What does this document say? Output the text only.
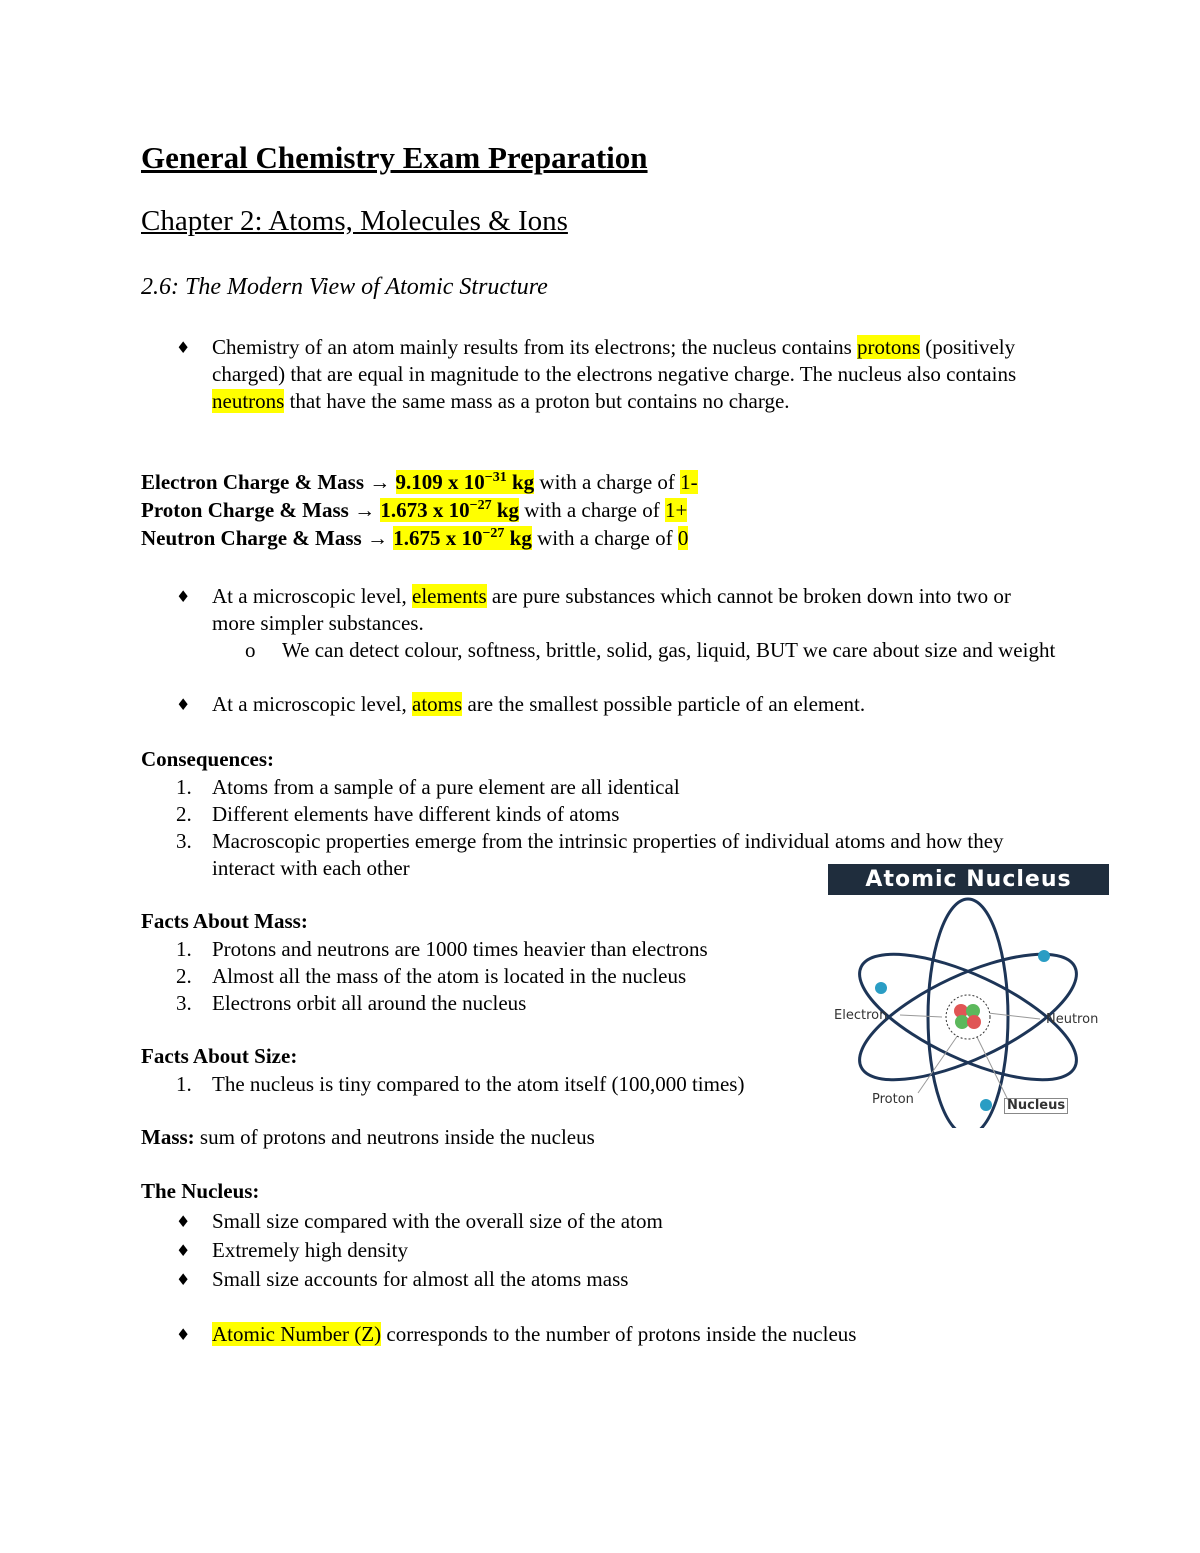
General Chemistry Exam Preparation
Chapter 2: Atoms, Molecules & Ions
2.6: The Modern View of Atomic Structure
♦	Chemistry of an atom mainly results from its electrons; the nucleus contains protons (positively charged) that are equal in magnitude to the electrons negative charge. The nucleus also contains neutrons that have the same mass as a proton but contains no charge.
Electron Charge & Mass → 9.109 x $10^{-31}$ kg with a charge of 1-
Proton Charge & Mass → 1.673 x $10^{-27}$ kg with a charge of 1+
Neutron Charge & Mass → 1.675 x $10^{-27}$ kg with a charge of 0
♦	At a microscopic level, elements are pure substances which cannot be broken down into two or more simpler substances.
o	We can detect colour, softness, brittle, solid, gas, liquid, BUT we care about size and weight
♦	At a microscopic level, atoms are the smallest possible particle of an element.
Consequences:
1. Atoms from a sample of a pure element are all identical
2. Different elements have different kinds of atoms
3. Macroscopic properties emerge from the intrinsic properties of individual atoms and how they interact with each other
Facts About Mass:
1. Protons and neutrons are 1000 times heavier than electrons
2. Almost all the mass of the atom is located in the nucleus
3. Electrons orbit all around the nucleus
Facts About Size:
1. The nucleus is tiny compared to the atom itself (100,000 times)
Mass: sum of protons and neutrons inside the nucleus
The Nucleus:
♦	Small size compared with the overall size of the atom
♦	Extremely high density
♦	Small size accounts for almost all the atoms mass
♦	Atomic Number (Z) corresponds to the number of protons inside the nucleus
Atomic Nucleus
Electron	Neutron
Proton	Nucleus
